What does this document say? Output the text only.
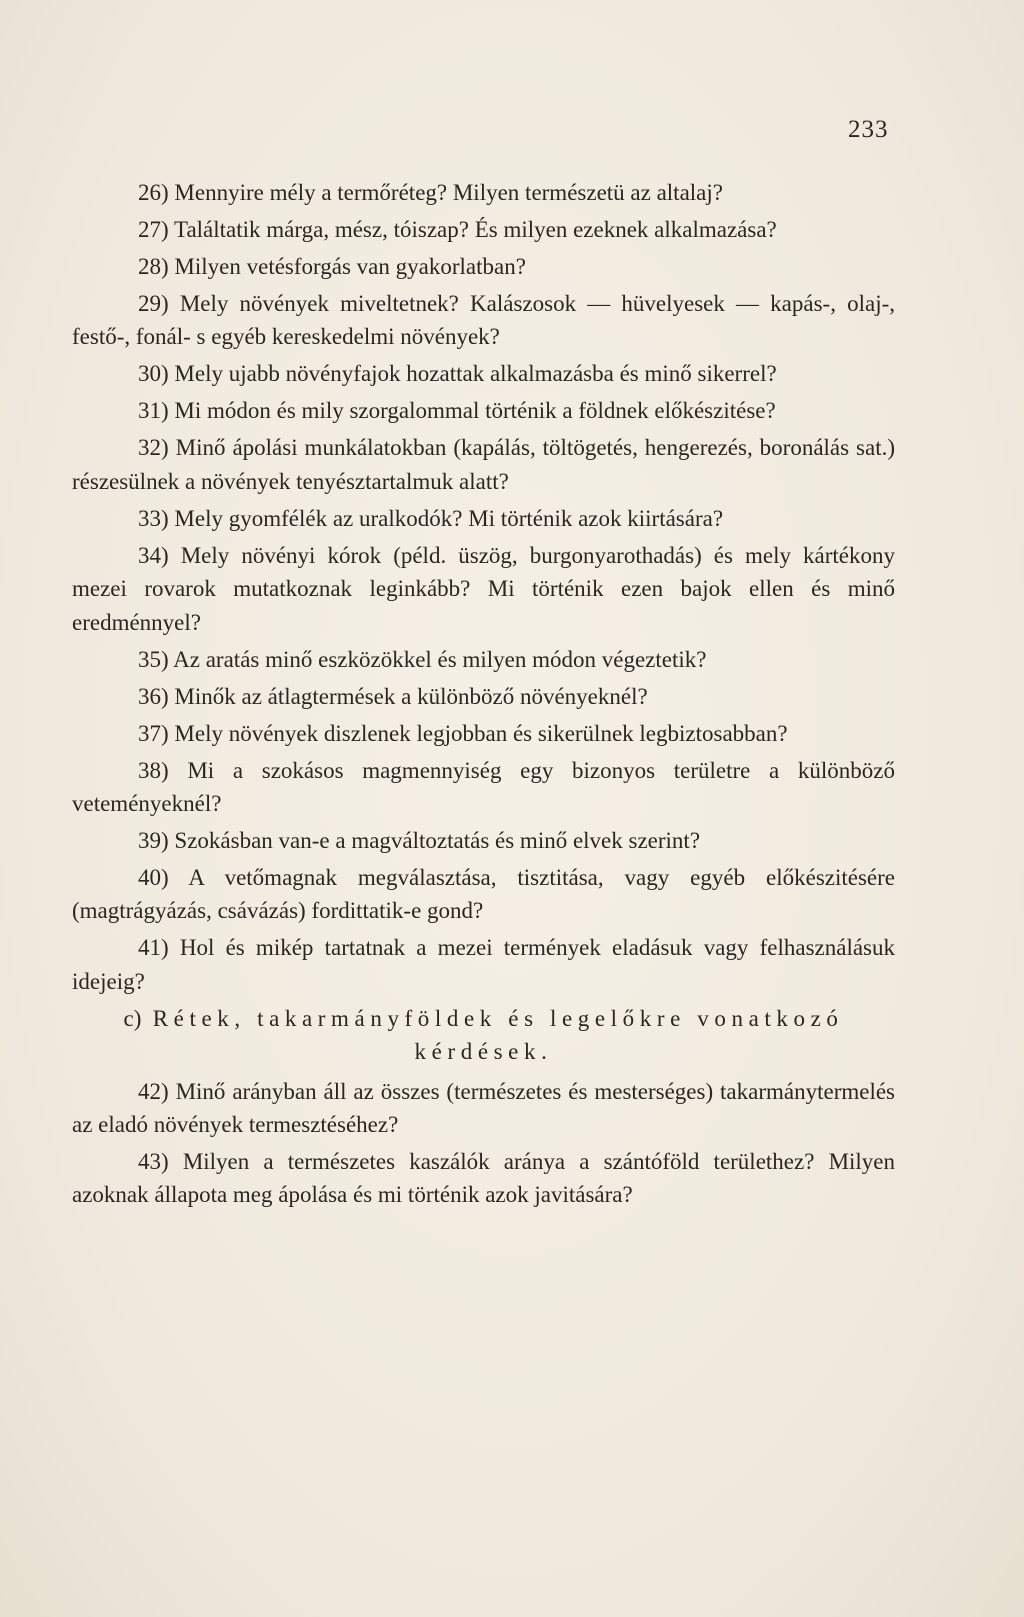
233

26) Mennyire mély a termőréteg? Milyen természetü az altalaj?

27) Találtatik márga, mész, tóiszap? És milyen ezeknek alkalmazása?

28) Milyen vetésforgás van gyakorlatban?

29) Mely növények miveltetnek? Kalászosok — hüvelyesek — kapás-, olaj-, festő-, fonál- s egyéb kereskedelmi növények?

30) Mely ujabb növényfajok hozattak alkalmazásba és minő sikerrel?

31) Mi módon és mily szorgalommal történik a földnek előkészitése?

32) Minő ápolási munkálatokban (kapálás, töltögetés, hengerezés, boronálás sat.) részesülnek a növények tenyésztartalmuk alatt?

33) Mely gyomfélék az uralkodók? Mi történik azok kiirtására?

34) Mely növényi kórok (péld. üszög, burgonyarothadás) és mely kártékony mezei rovarok mutatkoznak leginkább? Mi történik ezen bajok ellen és minő eredménnyel?

35) Az aratás minő eszközökkel és milyen módon végeztetik?

36) Minők az átlagtermések a különböző növényeknél?

37) Mely növények diszlenek legjobban és sikerülnek legbiztosabban?

38) Mi a szokásos magmennyiség egy bizonyos területre a különböző veteményeknél?

39) Szokásban van-e a magváltoztatás és minő elvek szerint?

40) A vetőmagnak megválasztása, tisztitása, vagy egyéb előkészitésére (magtrágyázás, csávázás) fordittatik-e gond?

41) Hol és mikép tartatnak a mezei termények eladásuk vagy felhasználásuk idejeig?

c) Rétek, takarmányföldek és legelőkre vonatkozó kérdések.

42) Minő arányban áll az összes (természetes és mesterséges) takarmánytermelés az eladó növények termesztéséhez?

43) Milyen a természetes kaszálók aránya a szántóföld területhez? Milyen azoknak állapota meg ápolása és mi történik azok javitására?
